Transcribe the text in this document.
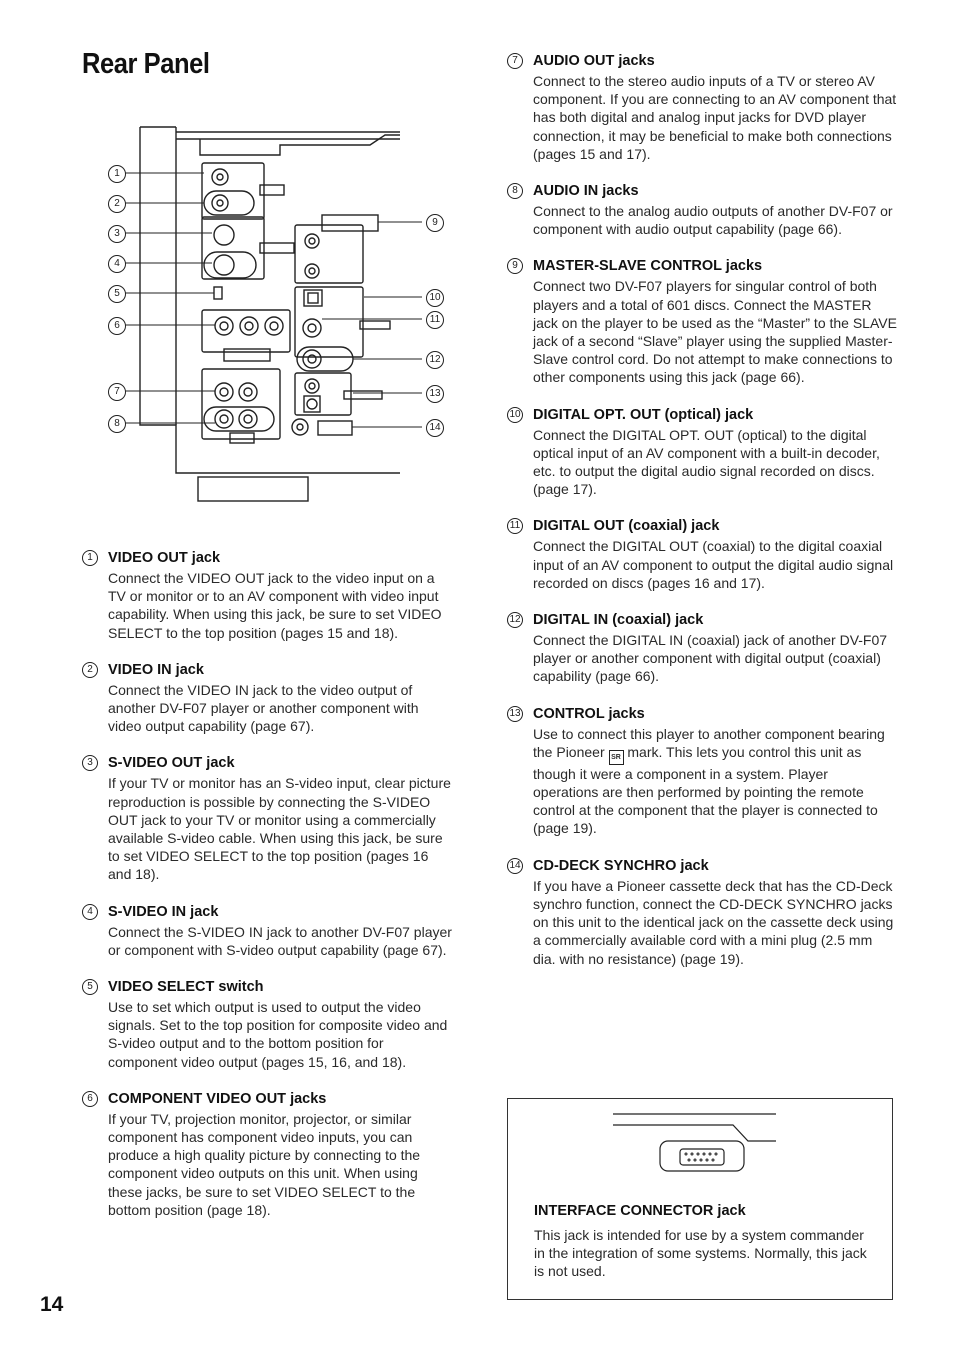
Rear Panel
1
2
3
4
5
6
7
8
9
10
11
12
13
14
1	VIDEO OUT jack
Connect the VIDEO OUT jack to the video input on a TV or monitor or to an AV component with video input capability. When using this jack, be sure to set VIDEO SELECT to the top position (pages 15 and 18).
2	VIDEO IN jack
Connect the VIDEO IN jack to the video output of another DV-F07 player or another component with video output capability (page 67).
3	S-VIDEO OUT jack
If your TV or monitor has an S-video input, clear picture reproduction is possible by connecting the S-VIDEO OUT jack to your TV or monitor using a commercially available S-video cable. When using this jack, be sure to set VIDEO SELECT to the top position (pages 16 and 18).
4	S-VIDEO IN jack
Connect the S-VIDEO IN jack to another DV-F07 player or component with S-video output capability (page 67).
5	VIDEO SELECT switch
Use to set which output is used to output the video signals. Set to the top position for composite video and S-video output and to the bottom position for component video output (pages 15, 16, and 18).
6	COMPONENT VIDEO OUT jacks
If your TV, projection monitor, projector, or similar component has component video inputs, you can produce a high quality picture by connecting to the component video outputs on this unit. When using these jacks, be sure to set VIDEO SELECT to the bottom position (page 18).
7	AUDIO OUT jacks
Connect to the stereo audio inputs of a TV or stereo AV component. If you are connecting to an AV component that has both digital and analog input jacks for DVD player connection, it may be beneficial to make both connections (pages 15 and 17).
8	AUDIO IN jacks
Connect to the analog audio outputs of another DV-F07 or component with audio output capability (page 66).
9	MASTER-SLAVE CONTROL jacks
Connect two DV-F07 players for singular control of both players and a total of 601 discs. Connect the MASTER jack on the player to be used as the “Master” to the SLAVE jack of a second “Slave” player using the supplied Master-Slave control cord. Do not attempt to make connections to other components using this jack (page 66).
10 DIGITAL OPT. OUT (optical) jack
Connect the DIGITAL OPT. OUT (optical) to the digital optical input of an AV component with a built-in decoder, etc. to output the digital audio signal recorded on discs. (page 17).
11 DIGITAL OUT (coaxial) jack
Connect the DIGITAL OUT (coaxial) to the digital coaxial input of an AV component to output the digital audio signal recorded on discs (pages 16 and 17).
12 DIGITAL IN (coaxial) jack
Connect the DIGITAL IN (coaxial) jack of another DV-F07 player or another component with digital output (coaxial) capability (page 66).
13 CONTROL jacks
Use to connect this player to another component bearing the Pioneer SR mark. This lets you control this unit as though it were a component in a system. Player operations are then performed by pointing the remote control at the component that the player is connected to (page 19).
14 CD-DECK SYNCHRO jack
If you have a Pioneer cassette deck that has the CD-Deck synchro function, connect the CD-DECK SYNCHRO jacks on this unit to the identical jack on the cassette deck using a commercially available cord with a mini plug (2.5 mm dia. with no resistance) (page 19).
INTERFACE CONNECTOR jack
This jack is intended for use by a system commander in the integration of some systems. Normally, this jack is not used.
14
